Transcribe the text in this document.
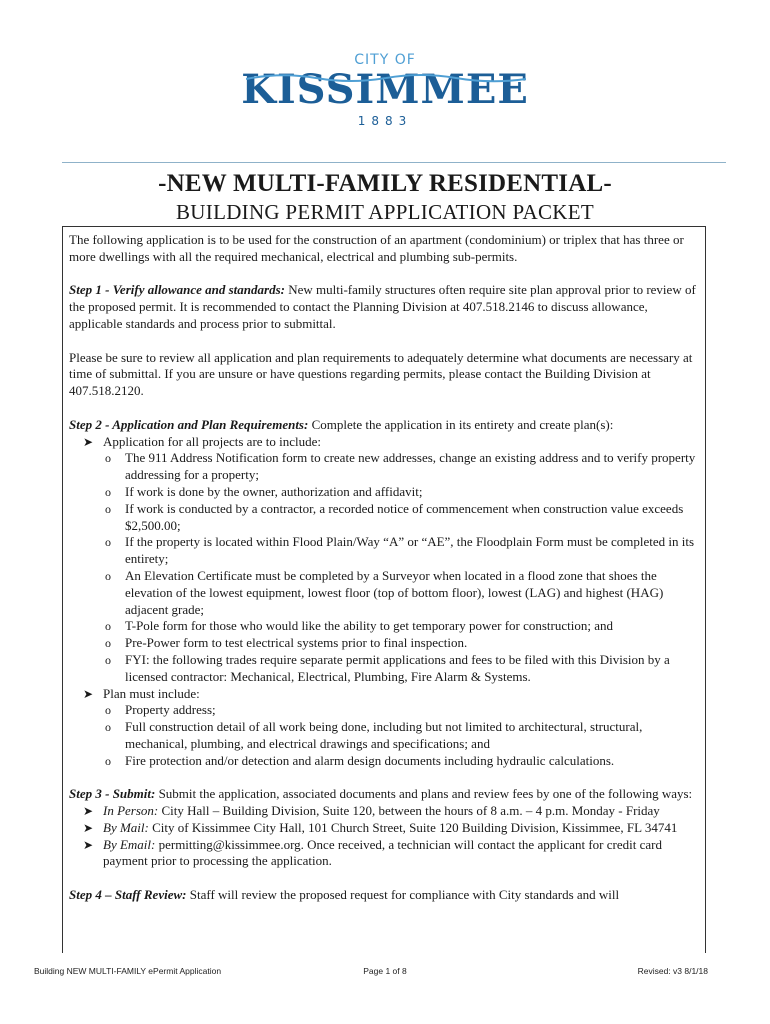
CITY OF
KISSIMMEE
1883
-NEW MULTI-FAMILY RESIDENTIAL-
BUILDING PERMIT APPLICATION PACKET

The following application is to be used for the construction of an apartment (condominium) or triplex that has three or more dwellings with all the required mechanical, electrical and plumbing sub-permits.

Step 1 - Verify allowance and standards: New multi-family structures often require site plan approval prior to review of the proposed permit. It is recommended to contact the Planning Division at 407.518.2146 to discuss allowance, applicable standards and process prior to submittal.

Please be sure to review all application and plan requirements to adequately determine what documents are necessary at time of submittal. If you are unsure or have questions regarding permits, please contact the Building Division at 407.518.2120.

Step 2 - Application and Plan Requirements: Complete the application in its entirety and create plan(s):
➤ Application for all projects are to include:
o The 911 Address Notification form to create new addresses, change an existing address and to verify property addressing for a property;
o If work is done by the owner, authorization and affidavit;
o If work is conducted by a contractor, a recorded notice of commencement when construction value exceeds $2,500.00;
o If the property is located within Flood Plain/Way “A” or “AE”, the Floodplain Form must be completed in its entirety;
o An Elevation Certificate must be completed by a Surveyor when located in a flood zone that shoes the elevation of the lowest equipment, lowest floor (top of bottom floor), lowest (LAG) and highest (HAG) adjacent grade;
o T-Pole form for those who would like the ability to get temporary power for construction; and
o Pre-Power form to test electrical systems prior to final inspection.
o FYI: the following trades require separate permit applications and fees to be filed with this Division by a licensed contractor: Mechanical, Electrical, Plumbing, Fire Alarm & Systems.
➤ Plan must include:
o Property address;
o Full construction detail of all work being done, including but not limited to architectural, structural, mechanical, plumbing, and electrical drawings and specifications; and
o Fire protection and/or detection and alarm design documents including hydraulic calculations.
Step 3 - Submit: Submit the application, associated documents and plans and review fees by one of the following ways:
➤ In Person: City Hall – Building Division, Suite 120, between the hours of 8 a.m. – 4 p.m. Monday - Friday
➤ By Mail: City of Kissimmee City Hall, 101 Church Street, Suite 120 Building Division, Kissimmee, FL 34741
➤ By Email: permitting@kissimmee.org. Once received, a technician will contact the applicant for credit card payment prior to processing the application.

Step 4 – Staff Review: Staff will review the proposed request for compliance with City standards and will

Building NEW MULTI-FAMILY ePermit Application	Page 1 of 8	Revised: v3 8/1/18
